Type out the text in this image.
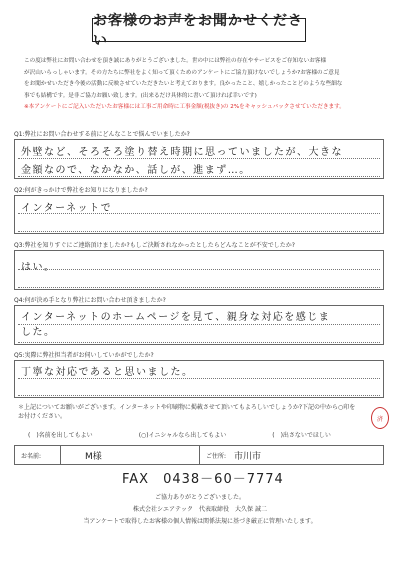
お客様のお声をお聞かせください

この度は弊社にお問い合わせを頂き誠にありがとうございました。世の中には弊社の存在やサービスをご存知ないお客様

が沢山いらっしゃいます。その方たちに弊社をよく知って頂くためのアンケートにご協力頂けないでしょうか?お客様のご意見

をお聞かせいただき今後の活動に反映させていただきたいと考えております。良かったこと、嬉しかったことどのような些細な

事でも結構です。是非ご協力お願い致します。(出来るだけ具体的に書いて頂ければ幸いです)

※本アンケートにご記入いただいたお客様には工事ご用命時に工事金額(税抜き)の 2%をキャッシュバックさせていただきます。

Q1:弊社にお問い合わせする前にどんなことで悩んでいましたか?
外壁など、そろそろ塗り替え時期に思っていましたが、大きな
金額なので、なかなか、話しが、進まず…。
Q2:何がきっかけで弊社をお知りになりましたか?
インターネットで
Q3:弊社を知りすぐにご連絡頂けましたか?もしご決断されなかったとしたらどんなことが不安でしたか?
はい。
Q4:何が決め手となり弊社にお問い合わせ頂きましたか?
インターネットのホームページを見て、親身な対応を感じま
した。
Q5:実際に弊社担当者がお伺いしていかがでしたか?
丁寧な対応であると思いました。
＊上記についてお願いがございます。インターネットや印刷物に掲載させて頂いてもよろしいでしょうか?下記の中から○印を
お付けください。
(　)名前を出してもよい	(○)イニシャルなら出してもよい	(　)出さないでほしい
済
お名前:	M様	ご住所: 市川市
FAX　0438－60－7774
ご協力ありがとうございました。
株式会社シエアテック　代表取締役　大久保 誠二
当アンケートで取得したお客様の個人情報は関係法規に基づき厳正に管理いたします。
